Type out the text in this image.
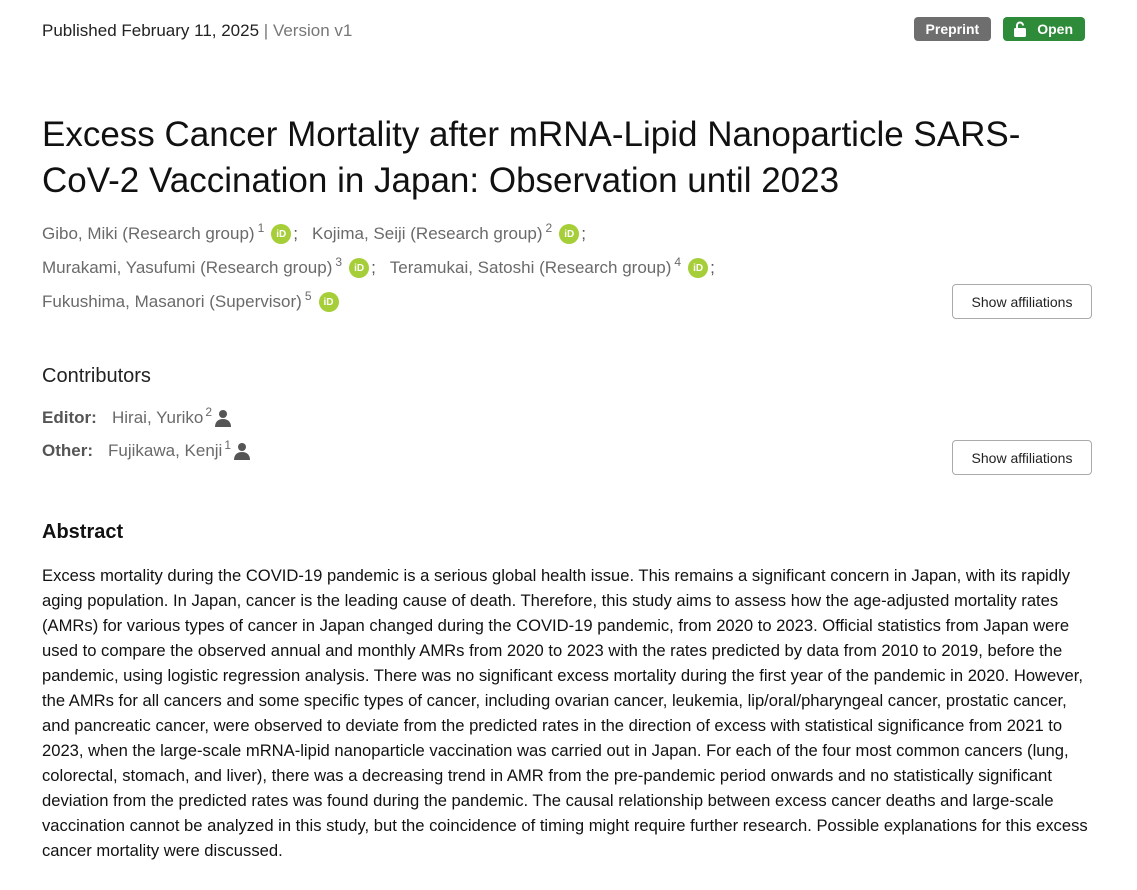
Published February 11, 2025 | Version v1	Preprint	Open
Excess Cancer Mortality after mRNA-Lipid Nanoparticle SARS-CoV-2 Vaccination in Japan: Observation until 2023
Gibo, Miki (Research group) $^1$	iD ; Kojima, Seiji (Research group) $^2$	iD ;
Murakami, Yasufumi (Research group) $^3$	iD ; Teramukai, Satoshi (Research group) $^4$	iD ;
Fukushima, Masanori (Supervisor) $^5$	iD	Show affiliations
Contributors
Editor: Hirai, Yuriko$^2$
Other: Fujikawa, Kenji$^1$
Show affiliations
Abstract
Excess mortality during the COVID-19 pandemic is a serious global health issue. This remains a significant concern in Japan, with its rapidly aging population. In Japan, cancer is the leading cause of death. Therefore, this study aims to assess how the age-adjusted mortality rates (AMRs) for various types of cancer in Japan changed during the COVID-19 pandemic, from 2020 to 2023. Official statistics from Japan were used to compare the observed annual and monthly AMRs from 2020 to 2023 with the rates predicted by data from 2010 to 2019, before the pandemic, using logistic regression analysis. There was no significant excess mortality during the first year of the pandemic in 2020. However, the AMRs for all cancers and some specific types of cancer, including ovarian cancer, leukemia, lip/oral/pharyngeal cancer, prostatic cancer, and pancreatic cancer, were observed to deviate from the predicted rates in the direction of excess with statistical significance from 2021 to 2023, when the large-scale mRNA-lipid nanoparticle vaccination was carried out in Japan. For each of the four most common cancers (lung, colorectal, stomach, and liver), there was a decreasing trend in AMR from the pre-pandemic period onwards and no statistically significant deviation from the predicted rates was found during the pandemic. The causal relationship between excess cancer deaths and large-scale vaccination cannot be analyzed in this study, but the coincidence of timing might require further research. Possible explanations for this excess cancer mortality were discussed.
